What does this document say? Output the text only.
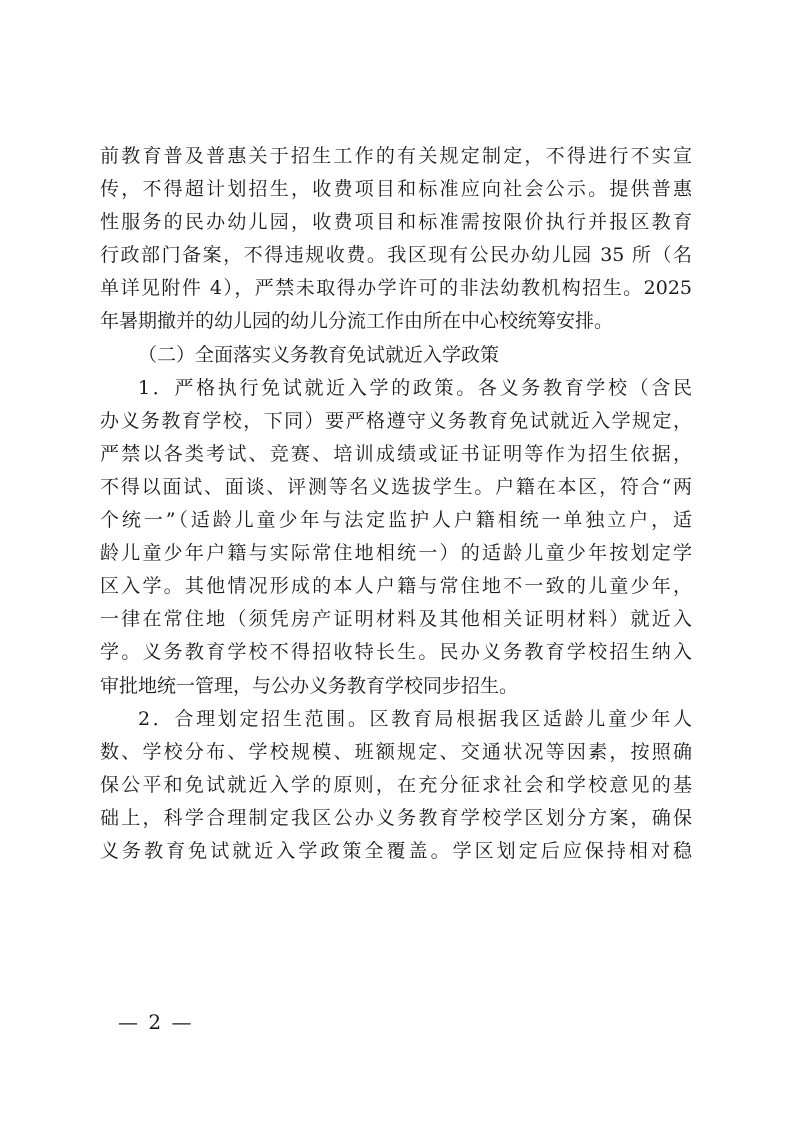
前教育普及普惠关于招生工作的有关规定制定，不得进行不实宣
传，不得超计划招生，收费项目和标准应向社会公示。提供普惠
性服务的民办幼儿园，收费项目和标准需按限价执行并报区教育
行政部门备案，不得违规收费。我区现有公民办幼儿园 35 所（名
单详见附件 4），严禁未取得办学许可的非法幼教机构招生。2025
年暑期撤并的幼儿园的幼儿分流工作由所在中心校统筹安排。
（二）全面落实义务教育免试就近入学政策
1．严格执行免试就近入学的政策。各义务教育学校（含民
办义务教育学校，下同）要严格遵守义务教育免试就近入学规定，
严禁以各类考试、竞赛、培训成绩或证书证明等作为招生依据，
不得以面试、面谈、评测等名义选拔学生。户籍在本区，符合“两
个统一”（适龄儿童少年与法定监护人户籍相统一单独立户，适
龄儿童少年户籍与实际常住地相统一）的适龄儿童少年按划定学
区入学。其他情况形成的本人户籍与常住地不一致的儿童少年，
一律在常住地（须凭房产证明材料及其他相关证明材料）就近入
学。义务教育学校不得招收特长生。民办义务教育学校招生纳入
审批地统一管理，与公办义务教育学校同步招生。
2．合理划定招生范围。区教育局根据我区适龄儿童少年人
数、学校分布、学校规模、班额规定、交通状况等因素，按照确
保公平和免试就近入学的原则，在充分征求社会和学校意见的基
础上，科学合理制定我区公办义务教育学校学区划分方案，确保
义务教育免试就近入学政策全覆盖。学区划定后应保持相对稳
— 2 —
